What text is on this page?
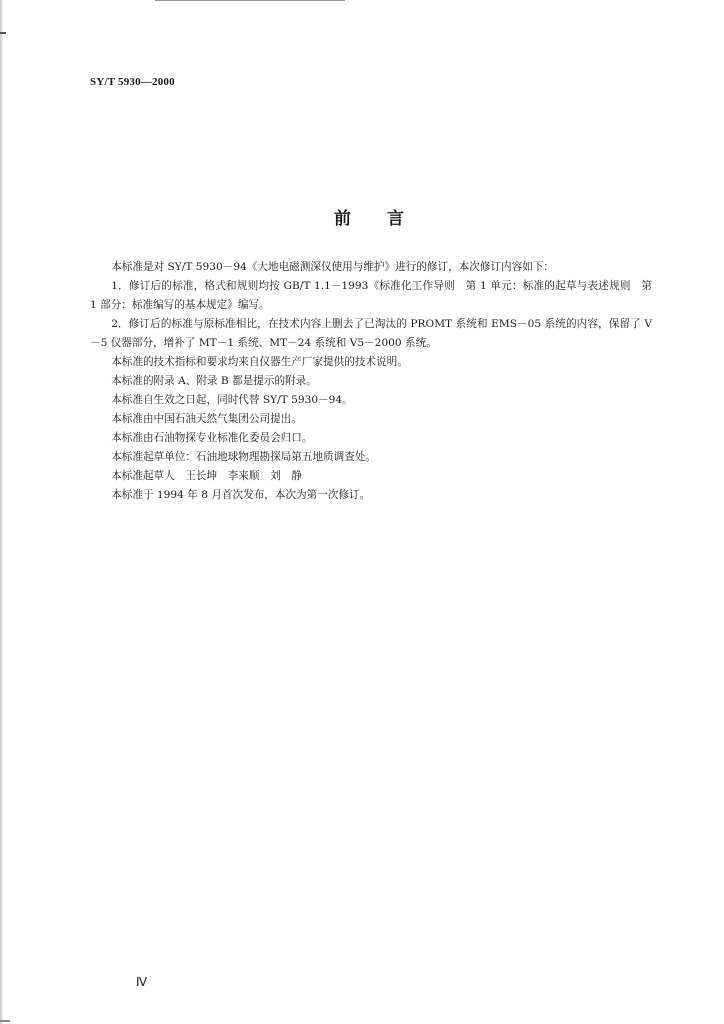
SY/T 5930—2000
前 言

本标准是对 SY/T 5930－94《大地电磁测深仪使用与维护》进行的修订，本次修订内容如下：

1．修订后的标准，格式和规则均按 GB/T 1.1－1993《标准化工作导则　第 1 单元：标准的起草与表述规则　第 1 部分：标准编写的基本规定》编写。

2．修订后的标准与原标准相比，在技术内容上删去了已淘汰的 PROMT 系统和 EMS－05 系统的内容，保留了 V－5 仪器部分，增补了 MT－1 系统、MT－24 系统和 V5－2000 系统。

本标准的技术指标和要求均来自仪器生产厂家提供的技术说明。

本标准的附录 A、附录 B 都是提示的附录。

本标准自生效之日起，同时代替 SY/T 5930－94。

本标准由中国石油天然气集团公司提出。

本标准由石油物探专业标准化委员会归口。

本标准起草单位：石油地球物理勘探局第五地质调查处。

本标准起草人　王长坤　李来顺　刘　静

本标准于 1994 年 8 月首次发布，本次为第一次修订。

Ⅳ
